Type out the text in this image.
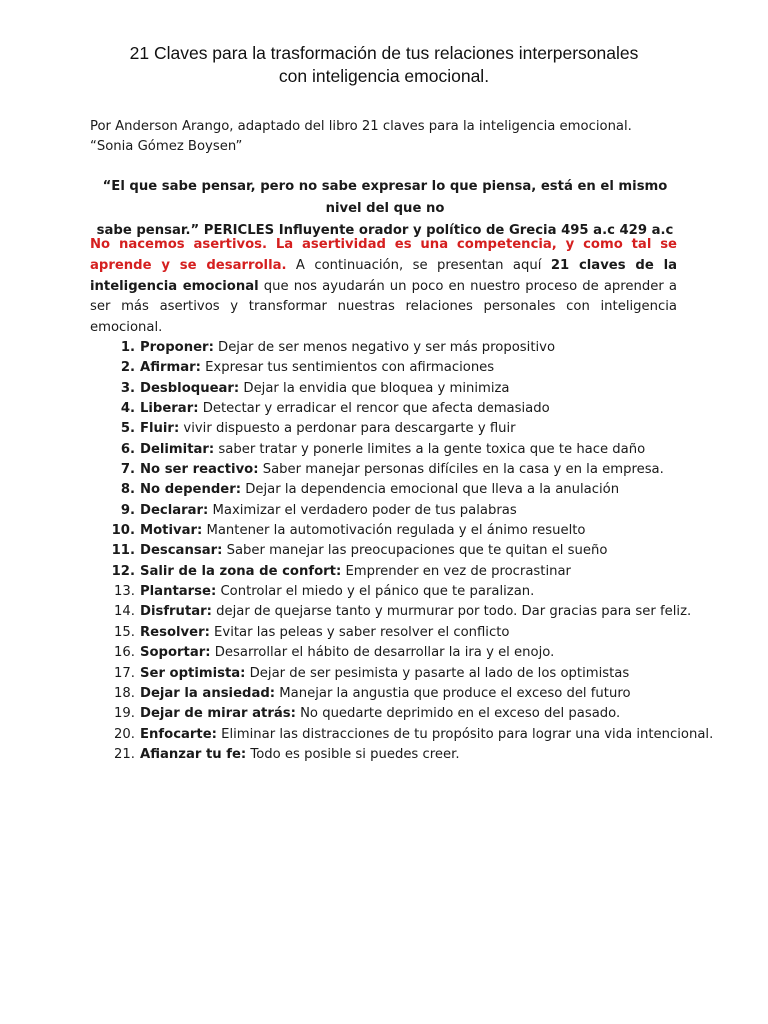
21 Claves para la trasformación de tus relaciones interpersonales
con inteligencia emocional.
Por Anderson Arango, adaptado del libro 21 claves para la inteligencia emocional.
“Sonia Gómez Boysen”
“El que sabe pensar, pero no sabe expresar lo que piensa, está en el mismo nivel del que no
sabe pensar.” PERICLES Influyente orador y político de Grecia 495 a.c 429 a.c

No nacemos asertivos. La asertividad es una competencia, y como tal se aprende y se desarrolla. A continuación, se presentan aquí 21 claves de la inteligencia emocional que nos ayudarán un poco en nuestro proceso de aprender a ser más asertivos y transformar nuestras relaciones personales con inteligencia emocional.

1. Proponer: Dejar de ser menos negativo y ser más propositivo
2. Afirmar: Expresar tus sentimientos con afirmaciones
3. Desbloquear: Dejar la envidia que bloquea y minimiza
4. Liberar: Detectar y erradicar el rencor que afecta demasiado
5. Fluir: vivir dispuesto a perdonar para descargarte y fluir
6. Delimitar: saber tratar y ponerle limites a la gente toxica que te hace daño
7. No ser reactivo: Saber manejar personas difíciles en la casa y en la empresa.
8. No depender: Dejar la dependencia emocional que lleva a la anulación
9. Declarar: Maximizar el verdadero poder de tus palabras
10. Motivar: Mantener la automotivación regulada y el ánimo resuelto
11. Descansar: Saber manejar las preocupaciones que te quitan el sueño
12. Salir de la zona de confort: Emprender en vez de procrastinar
13. Plantarse: Controlar el miedo y el pánico que te paralizan.
14. Disfrutar: dejar de quejarse tanto y murmurar por todo. Dar gracias para ser feliz.
15. Resolver: Evitar las peleas y saber resolver el conflicto
16. Soportar: Desarrollar el hábito de desarrollar la ira y el enojo.
17. Ser optimista: Dejar de ser pesimista y pasarte al lado de los optimistas
18. Dejar la ansiedad: Manejar la angustia que produce el exceso del futuro
19. Dejar de mirar atrás: No quedarte deprimido en el exceso del pasado.
20. Enfocarte: Eliminar las distracciones de tu propósito para lograr una vida intencional.
21. Afianzar tu fe: Todo es posible si puedes creer.
